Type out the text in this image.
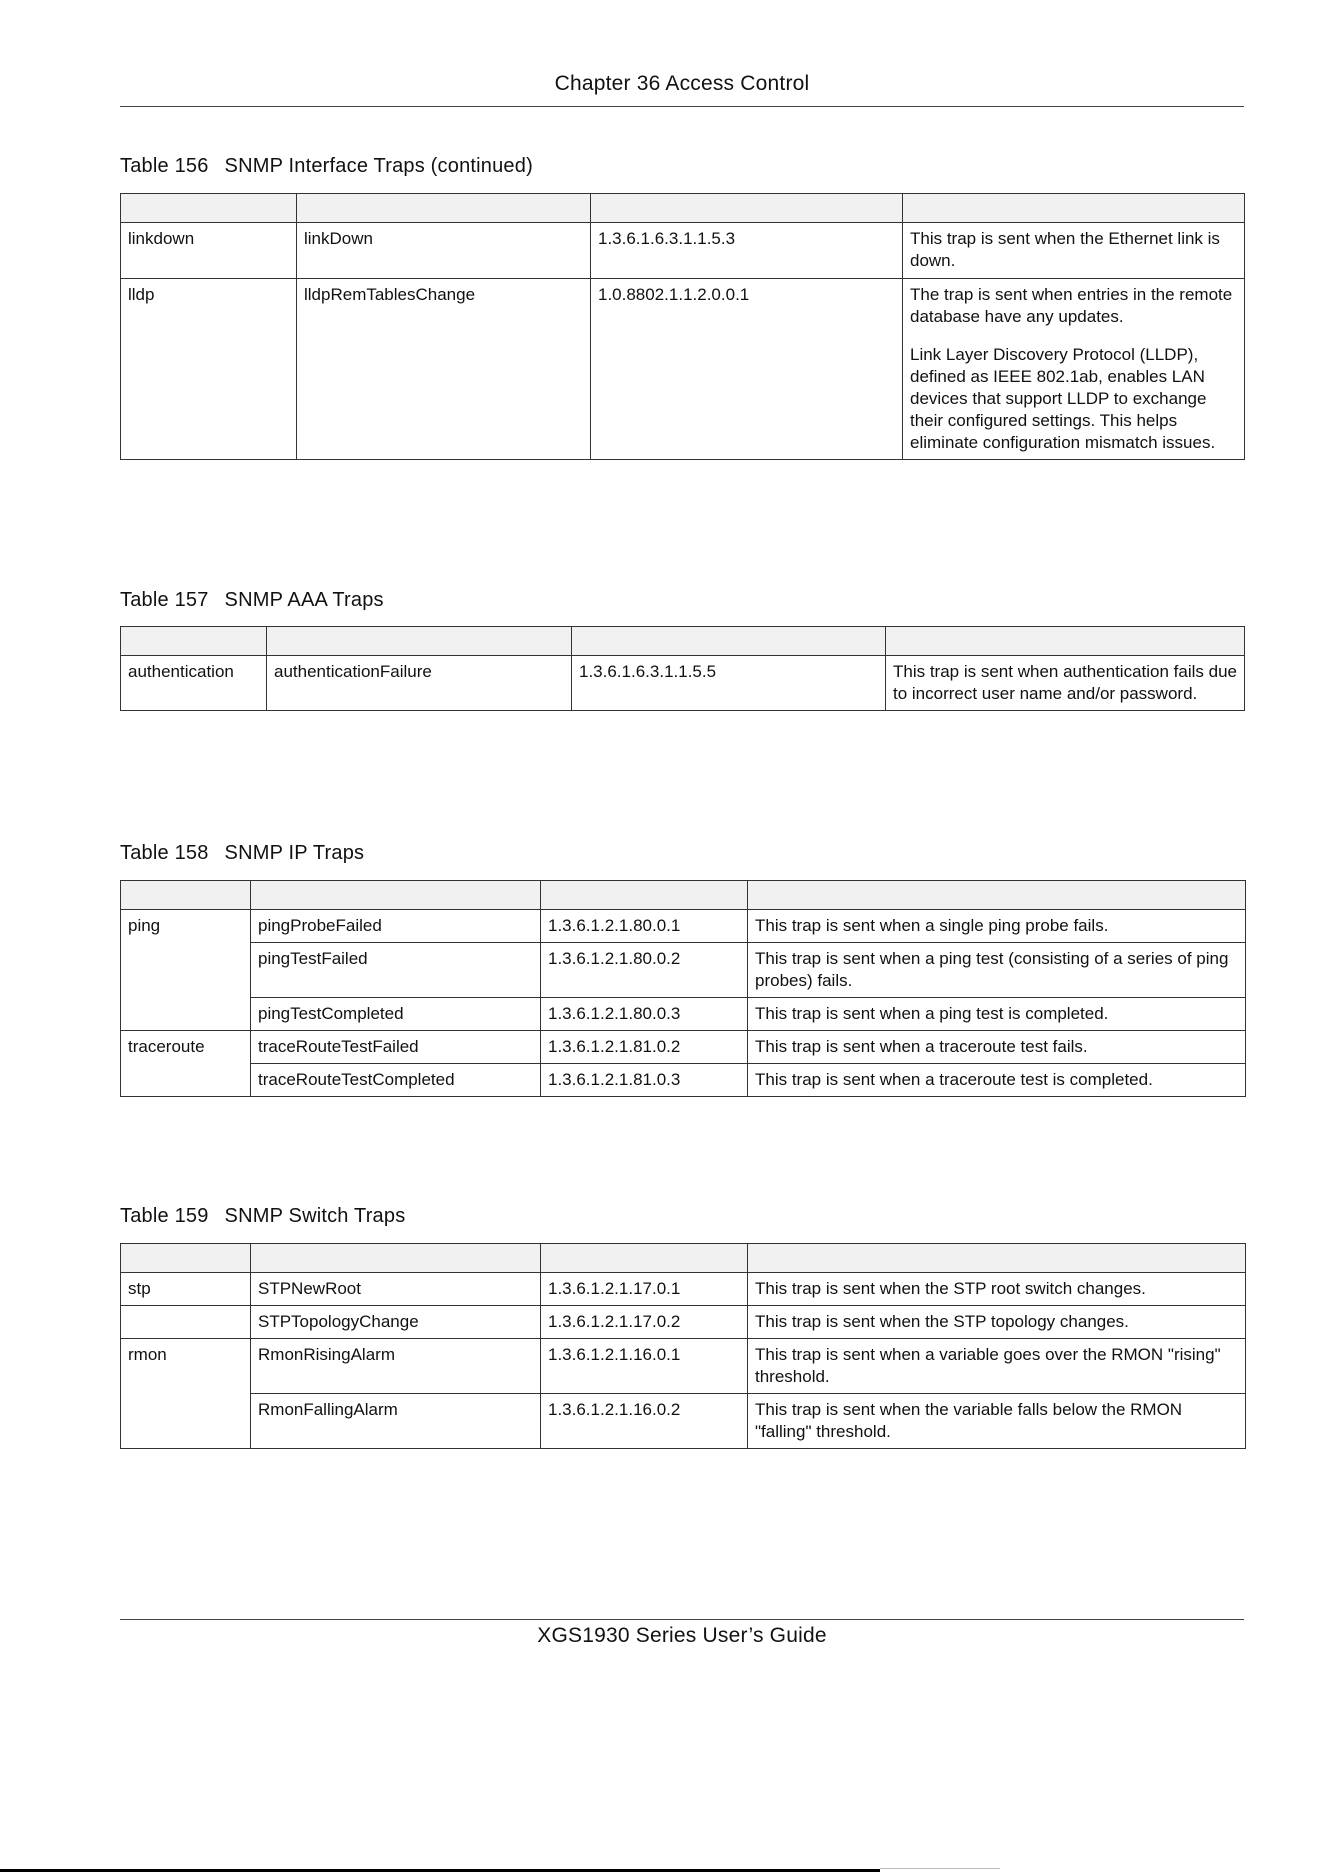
Chapter 36 Access Control
Table 156 SNMP Interface Traps (continued)

linkdown	linkDown	1.3.6.1.6.3.1.1.5.3	This trap is sent when the Ethernet link is down.

lldp	lldpRemTablesChange	1.0.8802.1.1.2.0.0.1	The trap is sent when entries in the remote database have any updates.

Link Layer Discovery Protocol (LLDP), defined as IEEE 802.1ab, enables LAN devices that support LLDP to exchange their configured settings. This helps eliminate configuration mismatch issues.

Table 157 SNMP AAA Traps

authentication	authenticationFailure	1.3.6.1.6.3.1.1.5.5	This trap is sent when authentication fails due to incorrect user name and/or password.

Table 158 SNMP IP Traps

ping	pingProbeFailed	1.3.6.1.2.1.80.0.1	This trap is sent when a single ping probe fails.
	pingTestFailed	1.3.6.1.2.1.80.0.2	This trap is sent when a ping test (consisting of a series of ping probes) fails.
	pingTestCompleted	1.3.6.1.2.1.80.0.3	This trap is sent when a ping test is completed.
traceroute	traceRouteTestFailed	1.3.6.1.2.1.81.0.2	This trap is sent when a traceroute test fails.
	traceRouteTestCompleted	1.3.6.1.2.1.81.0.3	This trap is sent when a traceroute test is completed.
Table 159 SNMP Switch Traps

stp	STPNewRoot	1.3.6.1.2.1.17.0.1	This trap is sent when the STP root switch changes.
	STPTopologyChange	1.3.6.1.2.1.17.0.2	This trap is sent when the STP topology changes.
rmon	RmonRisingAlarm	1.3.6.1.2.1.16.0.1	This trap is sent when a variable goes over the RMON "rising" threshold.
	RmonFallingAlarm	1.3.6.1.2.1.16.0.2	This trap is sent when the variable falls below the RMON "falling" threshold.
XGS1930 Series User’s Guide
